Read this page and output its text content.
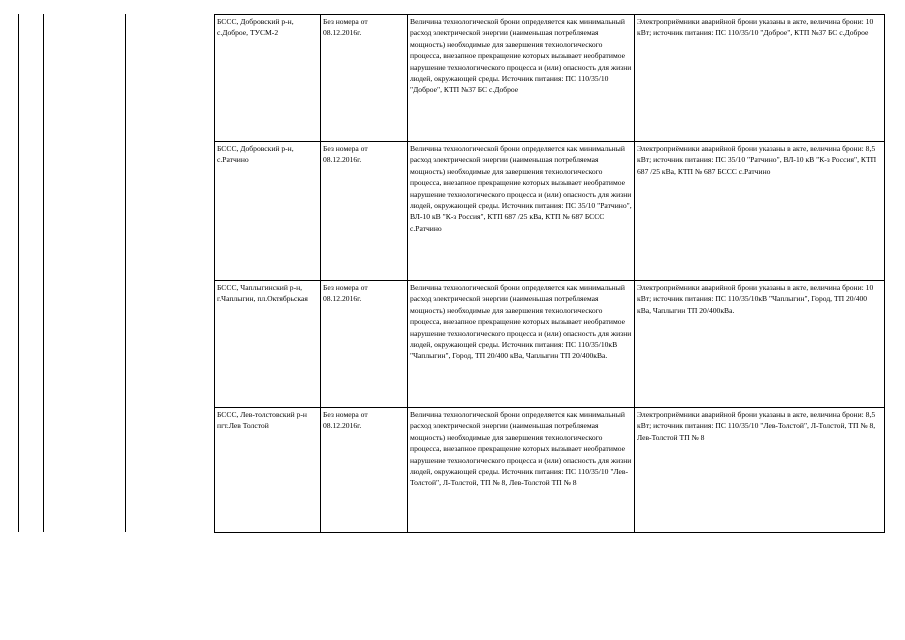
БССС, Добровский р-н, с.Доброе, ТУСМ-2	Без номера от 08.12.2016г.	Величина технологической брони определяется как минимальный расход электрической энергии (наименьшая потребляемая мощность) необходимые для завершения технологического процесса, внезапное прекращение которых вызывает необратимое нарушение технологического процесса и (или) опасность для жизни людей, окружающей среды. Источник питания: ПС 110/35/10 "Доброе", КТП №37 БС с.Доброе	Электроприёмники аварийной брони указаны в акте, величина брони: 10 кВт; источник питания: ПС 110/35/10 "Доброе", КТП №37 БС с.Доброе
БССС, Добровский р-н, с.Ратчино	Без номера от 08.12.2016г.	Величина технологической брони определяется как минимальный расход электрической энергии (наименьшая потребляемая мощность) необходимые для завершения технологического процесса, внезапное прекращение которых вызывает необратимое нарушение технологического процесса и (или) опасность для жизни людей, окружающей среды. Источник питания: ПС 35/10 "Ратчино", ВЛ-10 кВ "К-з Россия", КТП 687 /25 кВа, КТП № 687 БССС с.Ратчино	Электроприёмники аварийной брони указаны в акте, величина брони: 8,5 кВт; источник питания: ПС 35/10 "Ратчино", ВЛ-10 кВ "К-з Россия", КТП 687 /25 кВа, КТП № 687 БССС с.Ратчино
БССС, Чаплыгинский р-н, г.Чаплыгин, пл.Октябрьская	Без номера от 08.12.2016г.	Величина технологической брони определяется как минимальный расход электрической энергии (наименьшая потребляемая мощность) необходимые для завершения технологического процесса, внезапное прекращение которых вызывает необратимое нарушение технологического процесса и (или) опасность для жизни людей, окружающей среды. Источник питания: ПС 110/35/10кВ "Чаплыгин", Город, ТП 20/400 кВа, Чаплыгин ТП 20/400кВа.	Электроприёмники аварийной брони указаны в акте, величина брони: 10 кВт; источник питания: ПС 110/35/10кВ "Чаплыгин", Город, ТП 20/400 кВа, Чаплыгин ТП 20/400кВа.
БССС, Лев-толстовский р-н пгт.Лев Толстой	Без номера от 08.12.2016г.	Величина технологической брони определяется как минимальный расход электрической энергии (наименьшая потребляемая мощность) необходимые для завершения технологического процесса, внезапное прекращение которых вызывает необратимое нарушение технологического процесса и (или) опасность для жизни людей, окружающей среды. Источник питания: ПС 110/35/10 "Лев-Толстой", Л-Толстой, ТП № 8, Лев-Толстой ТП № 8	Электроприёмники аварийной брони указаны в акте, величина брони: 8,5 кВт; источник питания: ПС 110/35/10 "Лев-Толстой", Л-Толстой, ТП № 8, Лев-Толстой ТП № 8
